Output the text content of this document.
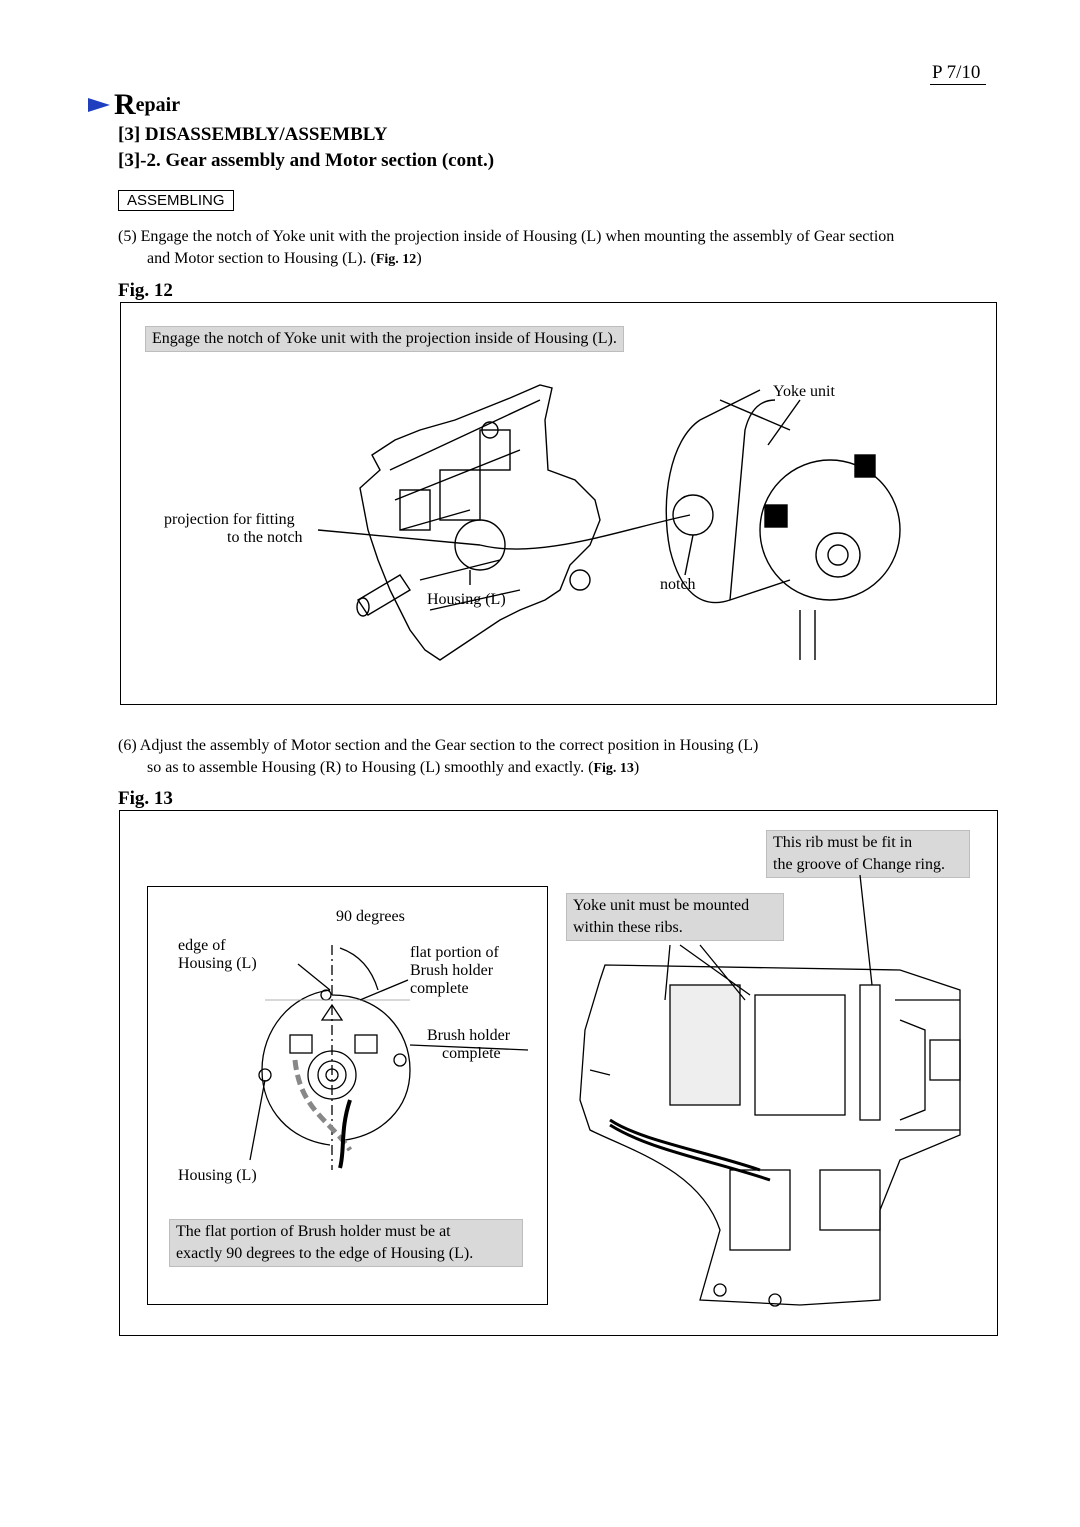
P 7/10
R epair
[3] DISASSEMBLY/ASSEMBLY
[3]-2. Gear assembly and Motor section (cont.)
ASSEMBLING
(5) Engage the notch of Yoke unit with the projection inside of Housing (L) when mounting the assembly of Gear section
and Motor section to Housing (L). (Fig. 12)
Fig. 12
Engage the notch of Yoke unit with the projection inside of Housing (L).
Yoke unit
projection for fitting
to the notch
notch
Housing (L)
(6) Adjust the assembly of Motor section and the Gear section to the correct position in Housing (L)
so as to assemble Housing (R) to Housing (L) smoothly and exactly. (Fig. 13)
Fig. 13
This rib must be fit in
the groove of Change ring.
Yoke unit must be mounted
within these ribs.
90 degrees
edge of
Housing (L)
flat portion of
Brush holder
complete
Brush holder
complete
Housing (L)
The flat portion of Brush holder must be at
exactly 90 degrees to the edge of Housing (L).
